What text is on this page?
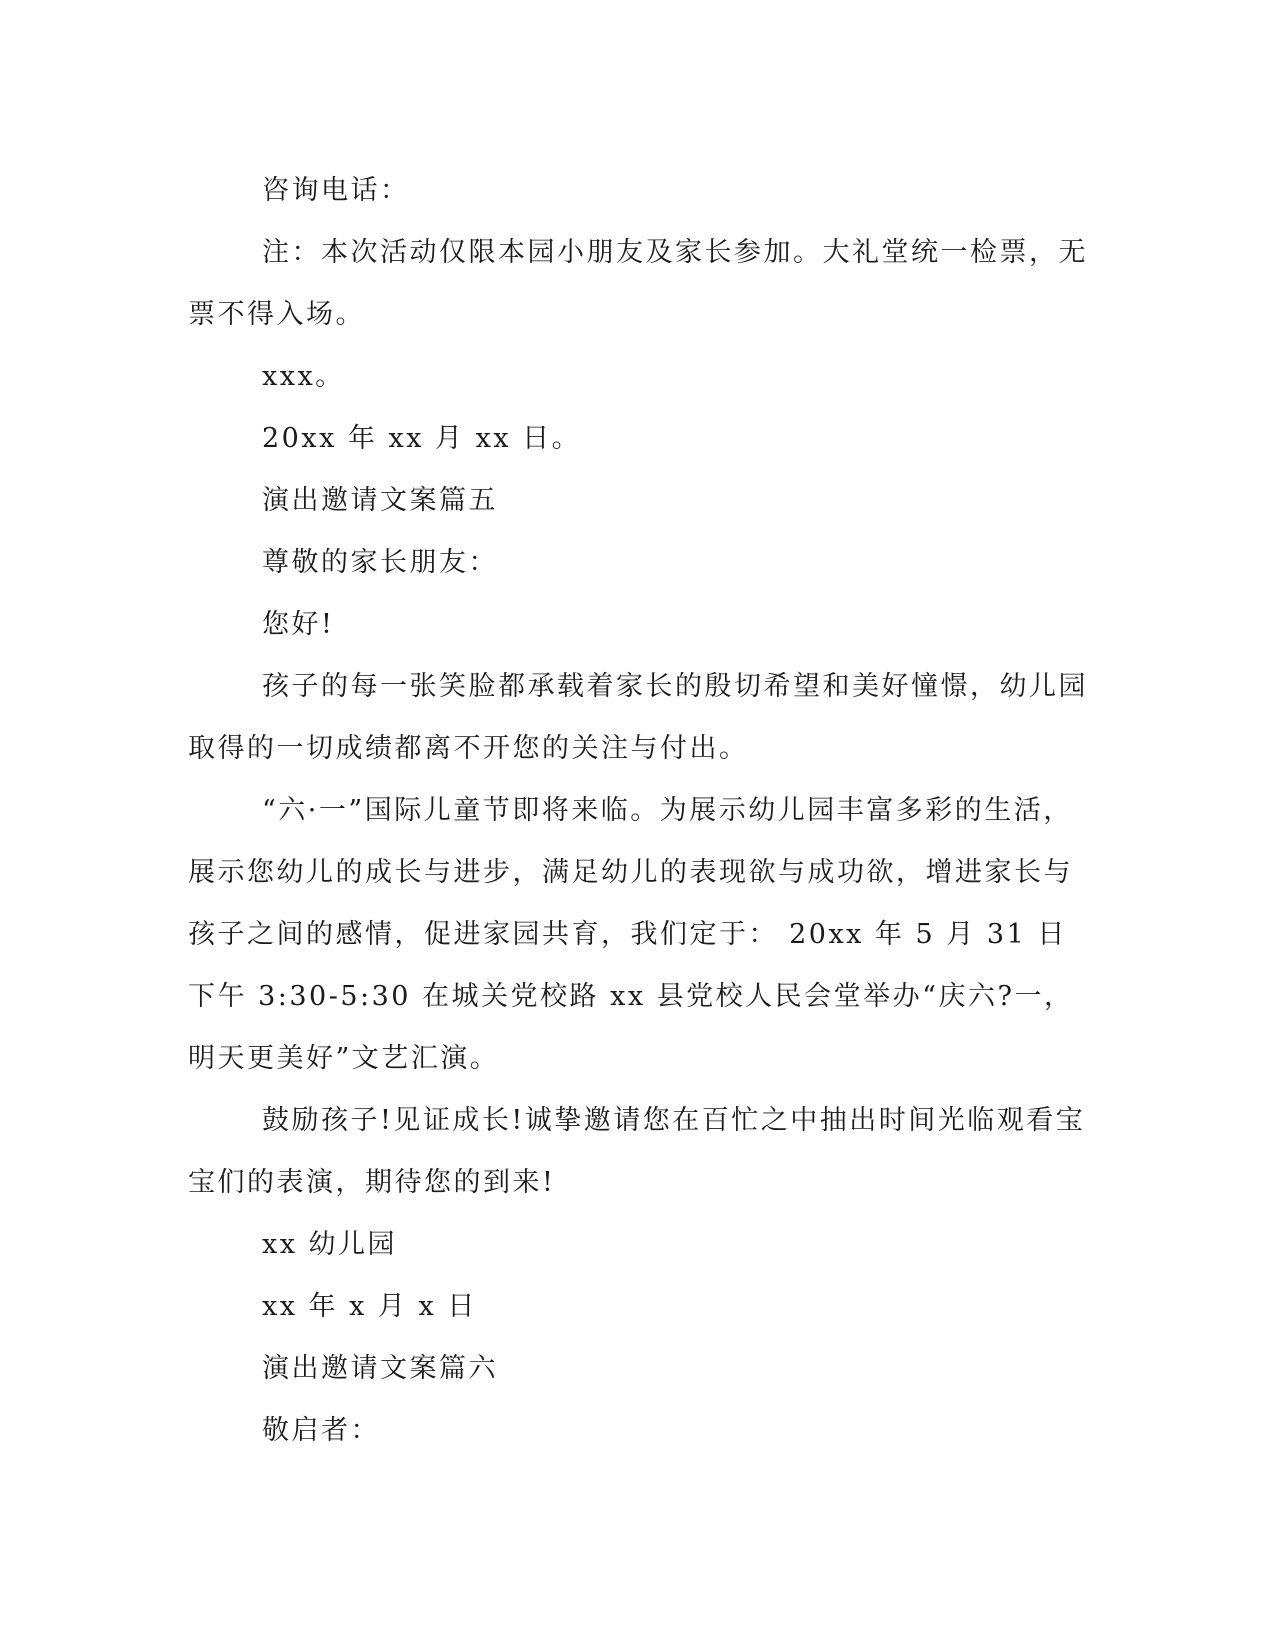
咨询电话：

注：本次活动仅限本园小朋友及家长参加。大礼堂统一检票，无票不得入场。

xxx。

20xx 年 xx 月 xx 日。

演出邀请文案篇五

尊敬的家长朋友：

您好!

孩子的每一张笑脸都承载着家长的殷切希望和美好憧憬，幼儿园取得的一切成绩都离不开您的关注与付出。

“六·一”国际儿童节即将来临。为展示幼儿园丰富多彩的生活，展示您幼儿的成长与进步，满足幼儿的表现欲与成功欲，增进家长与孩子之间的感情，促进家园共育，我们定于： 20xx 年 5 月 31 日下午 3:30-5:30 在城关党校路 xx 县党校人民会堂举办“庆六?一，明天更美好”文艺汇演。

鼓励孩子!见证成长!诚挚邀请您在百忙之中抽出时间光临观看宝宝们的表演，期待您的到来!

xx 幼儿园

xx 年 x 月 x 日

演出邀请文案篇六

敬启者：
